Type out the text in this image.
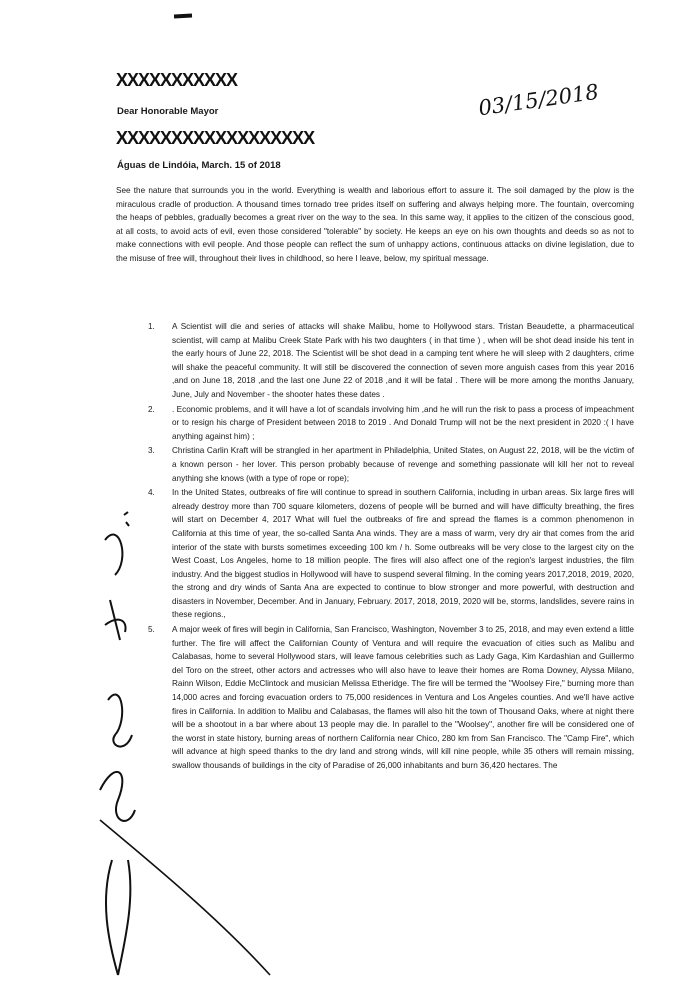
XXXXXXXXXXX
Dear Honorable Mayor	03/15/2018
XXXXXXXXXXXXXXXXXX
Águas de Lindóia, March. 15 of 2018

See the nature that surrounds you in the world. Everything is wealth and laborious effort to assure it. The soil damaged by the plow is the miraculous cradle of production. A thousand times tornado tree prides itself on suffering and always helping more. The fountain, overcoming the heaps of pebbles, gradually becomes a great river on the way to the sea. In this same way, it applies to the citizen of the conscious good, at all costs, to avoid acts of evil, even those considered "tolerable" by society. He keeps an eye on his own thoughts and deeds so as not to make connections with evil people. And those people can reflect the sum of unhappy actions, continuous attacks on divine legislation, due to the misuse of free will, throughout their lives in childhood, so here I leave, below, my spiritual message.

1. A Scientist will die and series of attacks will shake Malibu, home to Hollywood stars. Tristan Beaudette, a pharmaceutical scientist, will camp at Malibu Creek State Park with his two daughters ( in that time ) , when will be shot dead inside his tent in the early hours of June 22, 2018. The Scientist will be shot dead in a camping tent where he will sleep with 2 daughters, crime will shake the peaceful community. It will still be discovered the connection of seven more anguish cases from this year 2016 ,and on June 18, 2018 ,and the last one June 22 of 2018 ,and it will be fatal . There will be more among the months January, June, July and November - the shooter hates these dates .
2. . Economic problems, and it will have a lot of scandals involving him ,and he will run the risk to pass a process of impeachment or to resign his charge of President between 2018 to 2019 . And Donald Trump will not be the next president in 2020 :( I have anything against him) ;
3. Christina Carlin Kraft will be strangled in her apartment in Philadelphia, United States, on August 22, 2018, will be the victim of a known person - her lover. This person probably because of revenge and something passionate will kill her not to reveal anything she knows (with a type of rope or rope);
4. In the United States, outbreaks of fire will continue to spread in southern California, including in urban areas. Six large fires will already destroy more than 700 square kilometers, dozens of people will be burned and will have difficulty breathing, the fires will start on December 4, 2017 What will fuel the outbreaks of fire and spread the flames is a common phenomenon in California at this time of year, the so-called Santa Ana winds. They are a mass of warm, very dry air that comes from the arid interior of the state with bursts sometimes exceeding 100 km / h. Some outbreaks will be very close to the largest city on the West Coast, Los Angeles, home to 18 million people. The fires will also affect one of the region's largest industries, the film industry. And the biggest studios in Hollywood will have to suspend several filming. In the coming years 2017,2018, 2019, 2020, the strong and dry winds of Santa Ana are expected to continue to blow stronger and more powerful, with destruction and disasters in November, December. And in January, February. 2017, 2018, 2019, 2020 will be, storms, landslides, severe rains in these regions.,
5. A major week of fires will begin in California, San Francisco, Washington, November 3 to 25, 2018, and may even extend a little further. The fire will affect the Californian County of Ventura and will require the evacuation of cities such as Malibu and Calabasas, home to several Hollywood stars, will leave famous celebrities such as Lady Gaga, Kim Kardashian and Guillermo del Toro on the street, other actors and actresses who will also have to leave their homes are Roma Downey, Alyssa Milano, Rainn Wilson, Eddie McClintock and musician Melissa Etheridge. The fire will be termed the "Woolsey Fire," burning more than 14,000 acres and forcing evacuation orders to 75,000 residences in Ventura and Los Angeles counties. And we'll have active fires in California. In addition to Malibu and Calabasas, the flames will also hit the town of Thousand Oaks, where at night there will be a shootout in a bar where about 13 people may die. In parallel to the "Woolsey", another fire will be considered one of the worst in state history, burning areas of northern California near Chico, 280 km from San Francisco. The "Camp Fire", which will advance at high speed thanks to the dry land and strong winds, will kill nine people, while 35 others will remain missing, swallow thousands of buildings in the city of Paradise of 26,000 inhabitants and burn 36,420 hectares. The
